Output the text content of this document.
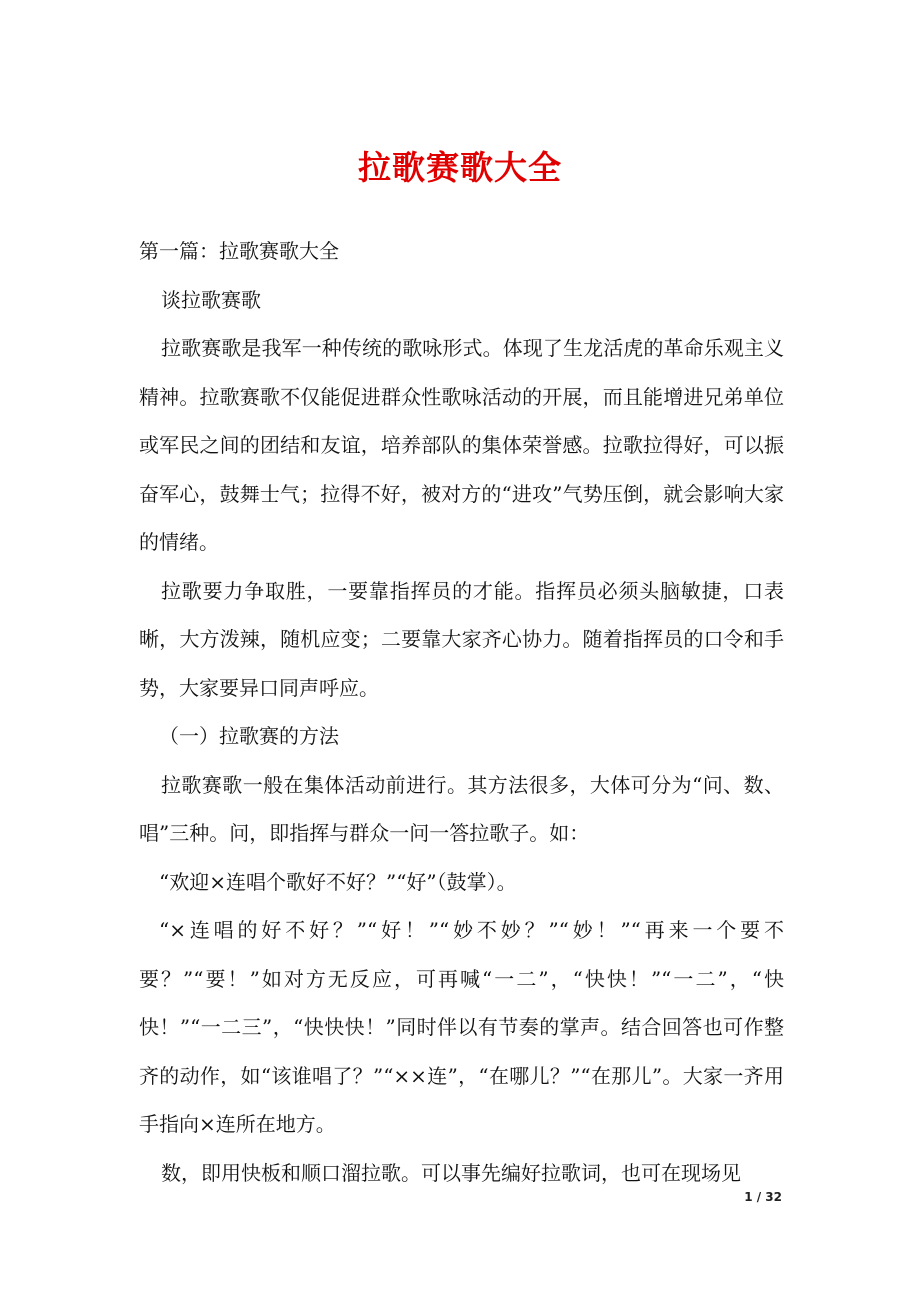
拉歌赛歌大全

第一篇：拉歌赛歌大全

谈拉歌赛歌

拉歌赛歌是我军一种传统的歌咏形式。体现了生龙活虎的革命乐观主义精神。拉歌赛歌不仅能促进群众性歌咏活动的开展，而且能增进兄弟单位或军民之间的团结和友谊，培养部队的集体荣誉感。拉歌拉得好，可以振奋军心，鼓舞士气；拉得不好，被对方的“进攻”气势压倒，就会影响大家的情绪。

拉歌要力争取胜，一要靠指挥员的才能。指挥员必须头脑敏捷，口表晰，大方泼辣，随机应变；二要靠大家齐心协力。随着指挥员的口令和手势，大家要异口同声呼应。

（一）拉歌赛的方法

拉歌赛歌一般在集体活动前进行。其方法很多，大体可分为“问、数、唱”三种。问，即指挥与群众一问一答拉歌子。如：

“欢迎×连唱个歌好不好？”“好”（鼓掌）。

“×连唱的好不好？”“好！”“妙不妙？”“妙！”“再来一个要不要？”“要！”如对方无反应，可再喊“一二”，“快快！”“一二”，“快快！”“一二三”，“快快快！”同时伴以有节奏的掌声。结合回答也可作整齐的动作，如“该谁唱了？”“××连”，“在哪儿？”“在那儿”。大家一齐用手指向×连所在地方。

数，即用快板和顺口溜拉歌。可以事先编好拉歌词，也可在现场见

1 / 32
